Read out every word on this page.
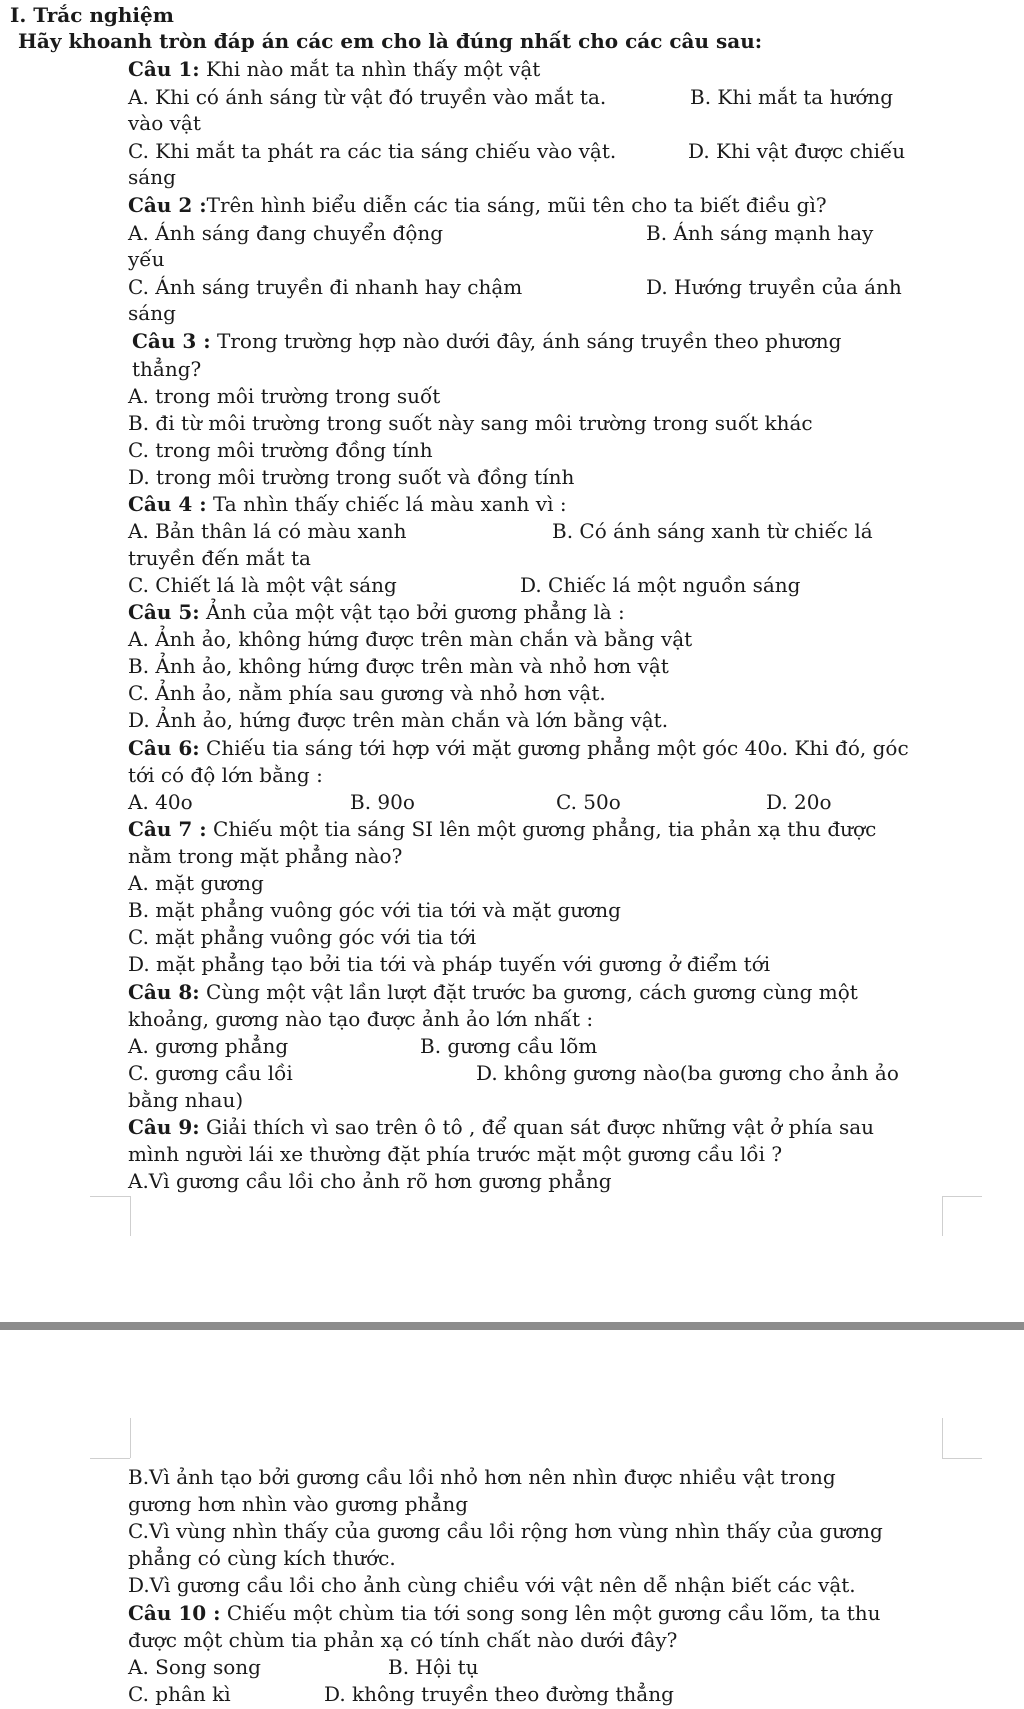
I. Trắc nghiệm
Hãy khoanh tròn đáp án các em cho là đúng nhất cho các câu sau:
Câu 1: Khi nào mắt ta nhìn thấy một vật
A. Khi có ánh sáng từ vật đó truyền vào mắt ta.	B. Khi mắt ta hướng
vào vật
C. Khi mắt ta phát ra các tia sáng chiếu vào vật.	D. Khi vật được chiếu
sáng
Câu 2 :Trên hình biểu diễn các tia sáng, mũi tên cho ta biết điều gì?
A. Ánh sáng đang chuyển động	B. Ánh sáng mạnh hay
yếu
C. Ánh sáng truyền đi nhanh hay chậm	D. Hướng truyền của ánh
sáng
Câu 3 : Trong trường hợp nào dưới đây, ánh sáng truyền theo phương
thẳng?
A. trong môi trường trong suốt
B. đi từ môi trường trong suốt này sang môi trường trong suốt khác
C. trong môi trường đồng tính
D. trong môi trường trong suốt và đồng tính
Câu 4 : Ta nhìn thấy chiếc lá màu xanh vì :
A. Bản thân lá có màu xanh	B. Có ánh sáng xanh từ chiếc lá
truyền đến mắt ta
C. Chiết lá là một vật sáng	D. Chiếc lá một nguồn sáng
Câu 5: Ảnh của một vật tạo bởi gương phẳng là :
A. Ảnh ảo, không hứng được trên màn chắn và bằng vật
B. Ảnh ảo, không hứng được trên màn và nhỏ hơn vật
C. Ảnh ảo, nằm phía sau gương và nhỏ hơn vật.
D. Ảnh ảo, hứng được trên màn chắn và lớn bằng vật.
Câu 6: Chiếu tia sáng tới hợp với mặt gương phẳng một góc 40o. Khi đó, góc
tới có độ lớn bằng :
A. 40o	B. 90o	C. 50o	D. 20o
Câu 7 : Chiếu một tia sáng SI lên một gương phẳng, tia phản xạ thu được
nằm trong mặt phẳng nào?
A. mặt gương
B. mặt phẳng vuông góc với tia tới và mặt gương
C. mặt phẳng vuông góc với tia tới
D. mặt phẳng tạo bởi tia tới và pháp tuyến với gương ở điểm tới
Câu 8: Cùng một vật lần lượt đặt trước ba gương, cách gương cùng một
khoảng, gương nào tạo được ảnh ảo lớn nhất :
A. gương phẳng	B. gương cầu lõm
C. gương cầu lồi	D. không gương nào(ba gương cho ảnh ảo
bằng nhau)
Câu 9: Giải thích vì sao trên ô tô , để quan sát được những vật ở phía sau
mình người lái xe thường đặt phía trước mặt một gương cầu lồi ?
A.Vì gương cầu lồi cho ảnh rõ hơn gương phẳng
B.Vì ảnh tạo bởi gương cầu lồi nhỏ hơn nên nhìn được nhiều vật trong
gương hơn nhìn vào gương phẳng
C.Vì vùng nhìn thấy của gương cầu lồi rộng hơn vùng nhìn thấy của gương
phẳng có cùng kích thước.
D.Vì gương cầu lồi cho ảnh cùng chiều với vật nên dễ nhận biết các vật.
Câu 10 : Chiếu một chùm tia tới song song lên một gương cầu lõm, ta thu
được một chùm tia phản xạ có tính chất nào dưới đây?
A. Song song	B. Hội tụ
C. phân kì	D. không truyền theo đường thẳng
